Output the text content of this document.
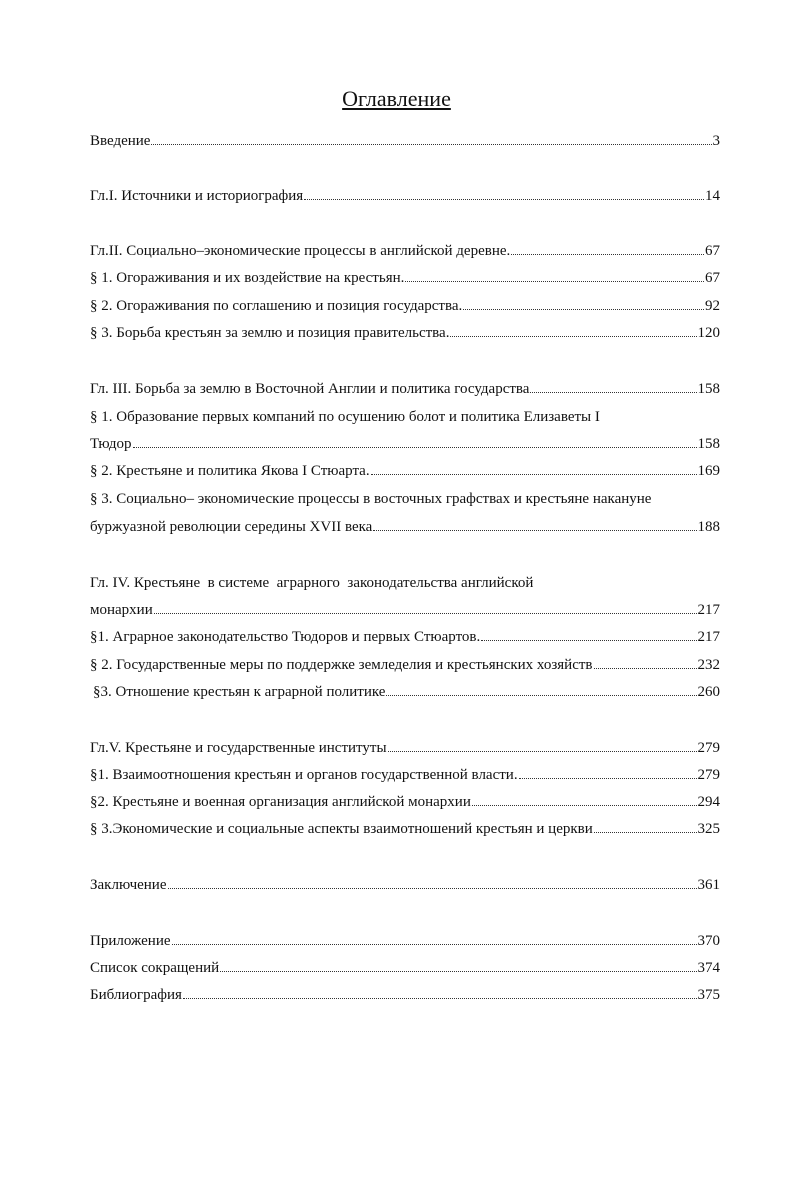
Оглавление
Введение	3
Гл.I. Источники и историография	14
Гл.II. Социально–экономические процессы в английской деревне.	67
§ 1. Огораживания и их воздействие на крестьян.	67
§ 2. Огораживания по соглашению и позиция государства.	92
§ 3. Борьба крестьян за землю и позиция правительства.	120
Гл. III. Борьба за землю в Восточной Англии и политика государства	158
§ 1. Образование первых компаний по осушению болот и политика Елизаветы I
Тюдор	158
§ 2. Крестьяне и политика Якова I Стюарта.	169
§ 3. Социально– экономические процессы в восточных графствах и крестьяне накануне
буржуазной революции середины XVII века	188
Гл. IV. Крестьяне  в системе  аграрного  законодательства английской
монархии	217
§1. Аграрное законодательство Тюдоров и первых Стюартов.	217
§ 2. Государственные меры по поддержке земледелия и крестьянских хозяйств	232
§3. Отношение крестьян к аграрной политике	260
Гл.V. Крестьяне и государственные институты	279
§1. Взаимоотношения крестьян и органов государственной власти.	279
§2. Крестьяне и военная организация английской монархии	294
§ 3.Экономические и социальные аспекты взаимотношений крестьян и церкви	325
Заключение	361
Приложение	370
Список сокращений	374
Библиография	375
